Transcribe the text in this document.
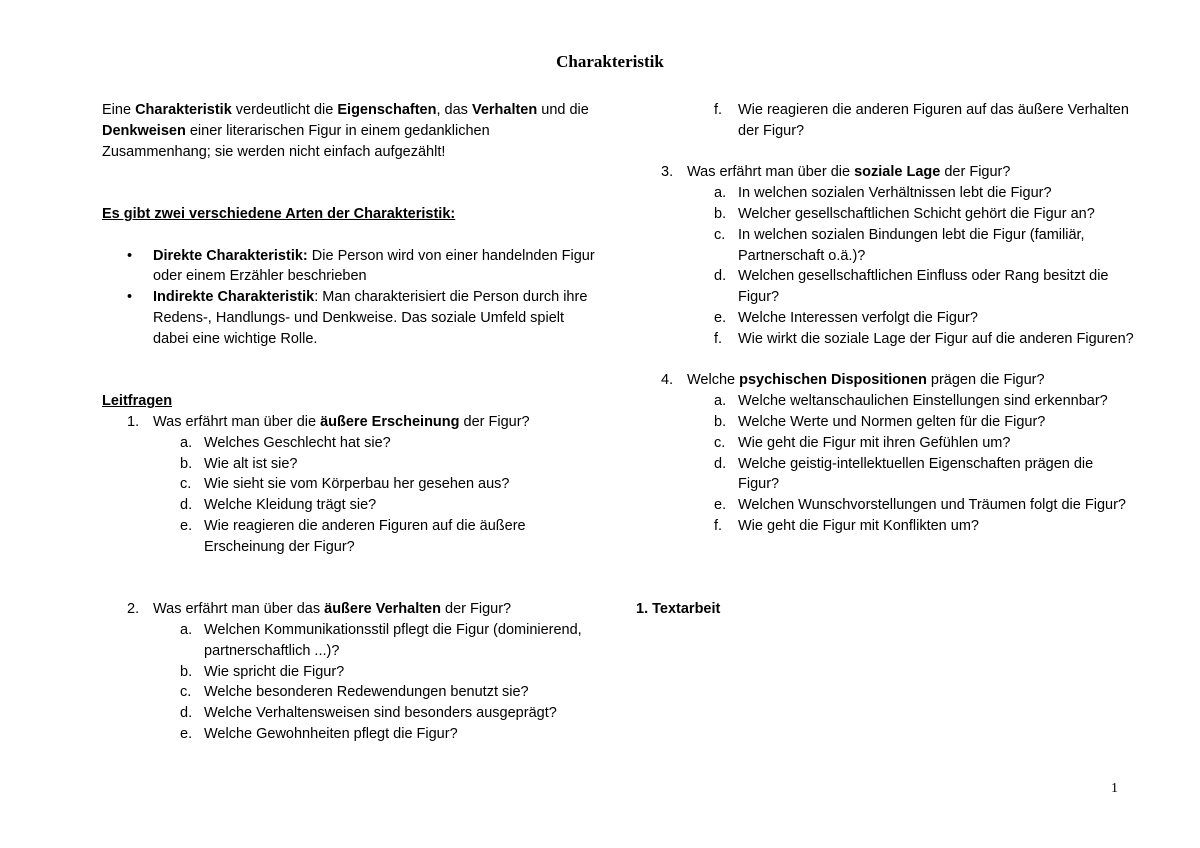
Charakteristik

Eine Charakteristik verdeutlicht die Eigenschaften, das Verhalten und die Denkweisen einer literarischen Figur in einem gedanklichen Zusammenhang; sie werden nicht einfach aufgezählt!

Es gibt zwei verschiedene Arten der Charakteristik:

• Direkte Charakteristik: Die Person wird von einer handelnden Figur oder einem Erzähler beschrieben
• Indirekte Charakteristik: Man charakterisiert die Person durch ihre Redens-, Handlungs- und Denkweise. Das soziale Umfeld spielt dabei eine wichtige Rolle.

Leitfragen

1. Was erfährt man über die äußere Erscheinung der Figur?
a. Welches Geschlecht hat sie?
b. Wie alt ist sie?
c. Wie sieht sie vom Körperbau her gesehen aus?
d. Welche Kleidung trägt sie?
e. Wie reagieren die anderen Figuren auf die äußere Erscheinung der Figur?
2. Was erfährt man über das äußere Verhalten der Figur?
a. Welchen Kommunikationsstil pflegt die Figur (dominierend, partnerschaftlich ...)?
b. Wie spricht die Figur?
c. Welche besonderen Redewendungen benutzt sie?
d. Welche Verhaltensweisen sind besonders ausgeprägt?
e. Welche Gewohnheiten pflegt die Figur?
f. Wie reagieren die anderen Figuren auf das äußere Verhalten der Figur?
3. Was erfährt man über die soziale Lage der Figur?
a. In welchen sozialen Verhältnissen lebt die Figur?
b. Welcher gesellschaftlichen Schicht gehört die Figur an?
c. In welchen sozialen Bindungen lebt die Figur (familiär, Partnerschaft o.ä.)?
d. Welchen gesellschaftlichen Einfluss oder Rang besitzt die Figur?
e. Welche Interessen verfolgt die Figur?
f. Wie wirkt die soziale Lage der Figur auf die anderen Figuren?
4. Welche psychischen Dispositionen prägen die Figur?
a. Welche weltanschaulichen Einstellungen sind erkennbar?
b. Welche Werte und Normen gelten für die Figur?
c. Wie geht die Figur mit ihren Gefühlen um?
d. Welche geistig-intellektuellen Eigenschaften prägen die Figur?
e. Welchen Wunschvorstellungen und Träumen folgt die Figur?
f. Wie geht die Figur mit Konflikten um?

1. Textarbeit

1
